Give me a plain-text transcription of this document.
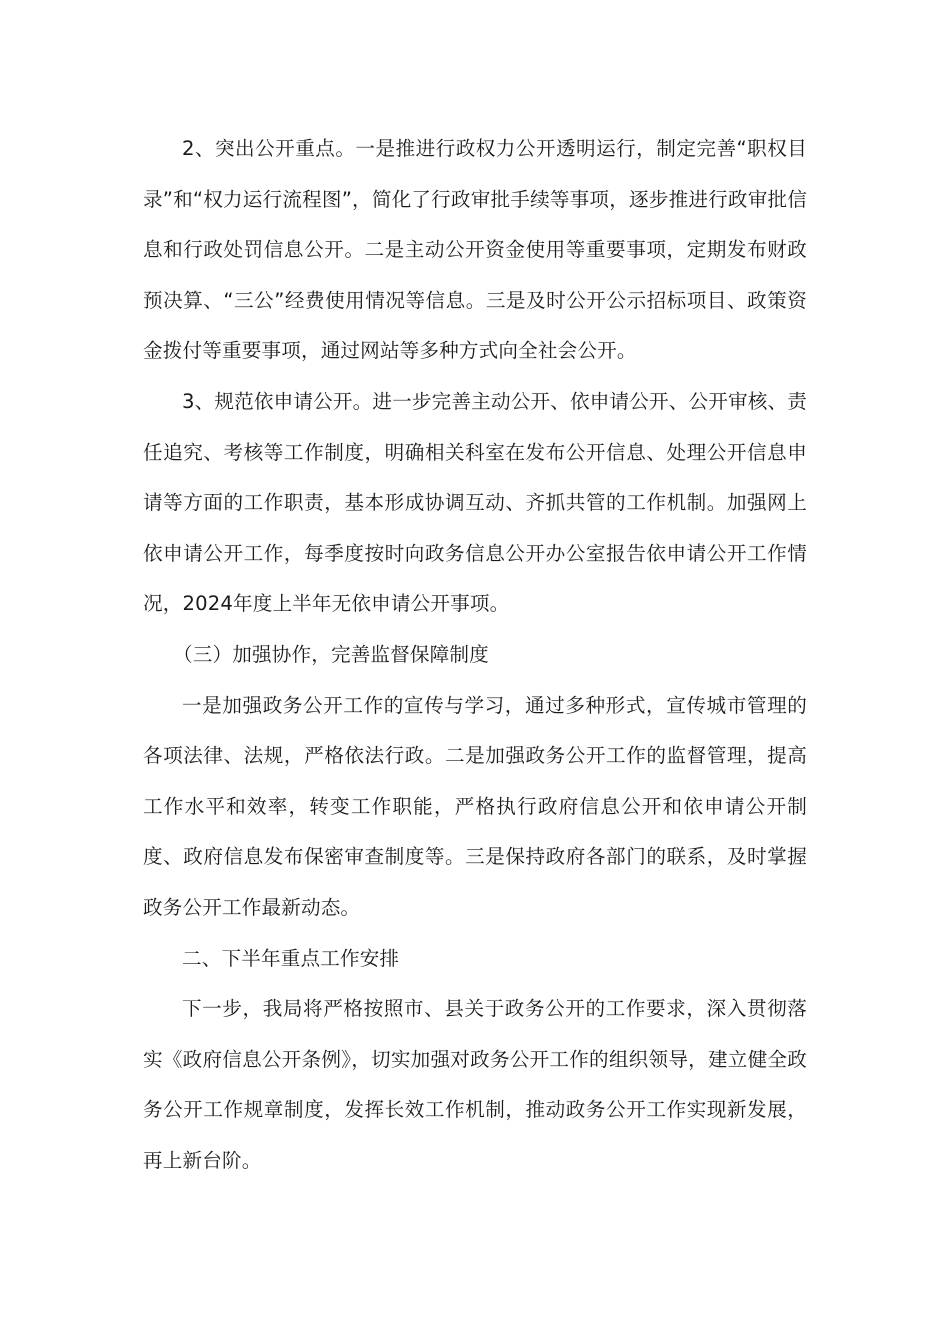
2、突出公开重点。一是推进行政权力公开透明运行，制定完善“职权目录”和“权力运行流程图”，简化了行政审批手续等事项，逐步推进行政审批信息和行政处罚信息公开。二是主动公开资金使用等重要事项，定期发布财政预决算、“三公”经费使用情况等信息。三是及时公开公示招标项目、政策资金拨付等重要事项，通过网站等多种方式向全社会公开。

3、规范依申请公开。进一步完善主动公开、依申请公开、公开审核、责任追究、考核等工作制度，明确相关科室在发布公开信息、处理公开信息申请等方面的工作职责，基本形成协调互动、齐抓共管的工作机制。加强网上依申请公开工作，每季度按时向政务信息公开办公室报告依申请公开工作情况，2024年度上半年无依申请公开事项。

（三）加强协作，完善监督保障制度

一是加强政务公开工作的宣传与学习，通过多种形式，宣传城市管理的各项法律、法规，严格依法行政。二是加强政务公开工作的监督管理，提高工作水平和效率，转变工作职能，严格执行政府信息公开和依申请公开制度、政府信息发布保密审查制度等。三是保持政府各部门的联系，及时掌握政务公开工作最新动态。

二、下半年重点工作安排

下一步，我局将严格按照市、县关于政务公开的工作要求，深入贯彻落实《政府信息公开条例》，切实加强对政务公开工作的组织领导，建立健全政务公开工作规章制度，发挥长效工作机制，推动政务公开工作实现新发展，再上新台阶。
